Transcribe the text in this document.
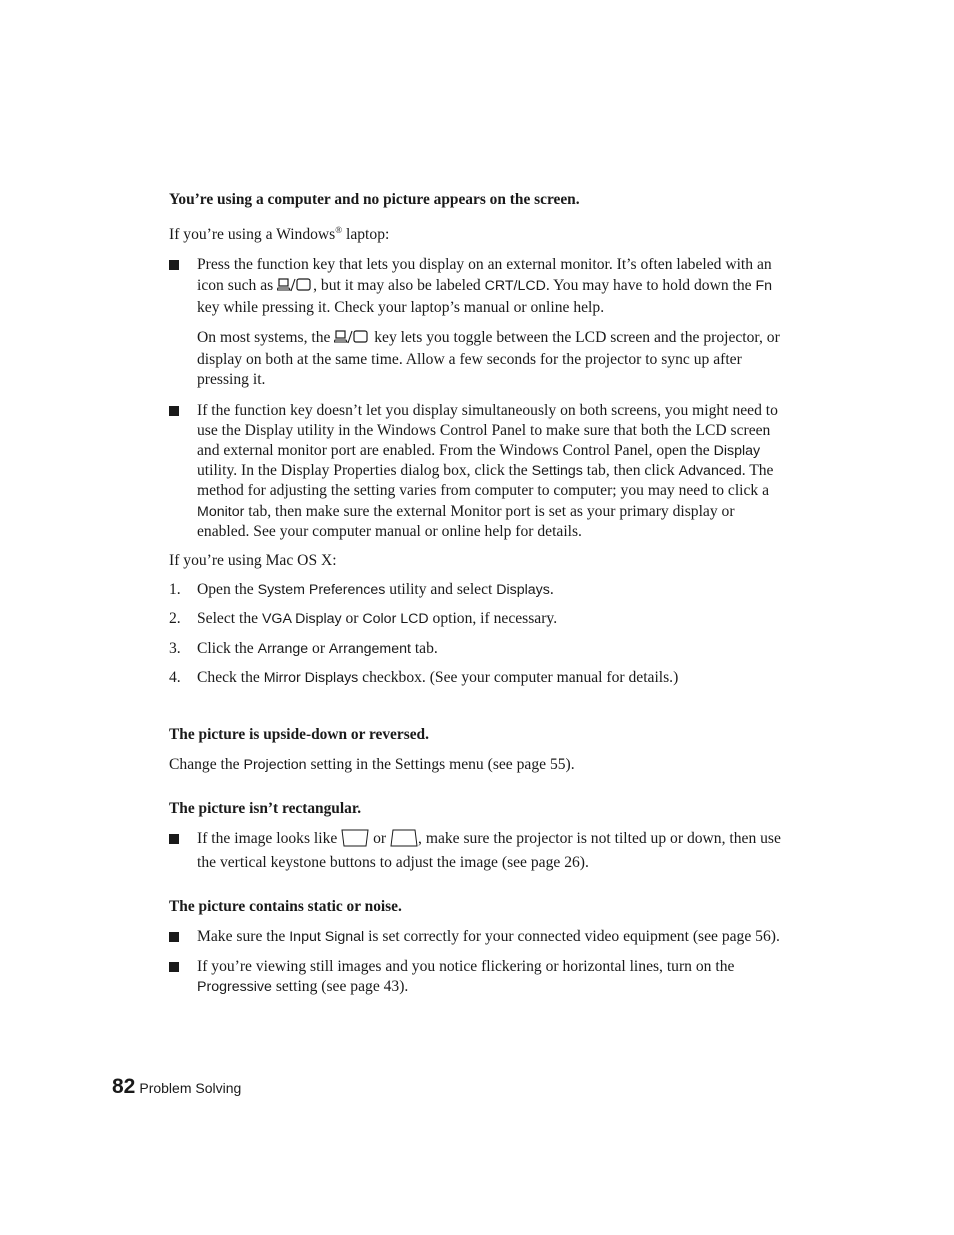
You’re using a computer and no picture appears on the screen.

If you’re using a Windows® laptop:

Press the function key that lets you display on an external monitor. It’s often labeled with an icon such as , but it may also be labeled CRT/LCD. You may have to hold down the Fn key while pressing it. Check your laptop’s manual or online help.

On most systems, the  key lets you toggle between the LCD screen and the projector, or display on both at the same time. Allow a few seconds for the projector to sync up after pressing it.

If the function key doesn’t let you display simultaneously on both screens, you might need to use the Display utility in the Windows Control Panel to make sure that both the LCD screen and external monitor port are enabled. From the Windows Control Panel, open the Display utility. In the Display Properties dialog box, click the Settings tab, then click Advanced. The method for adjusting the setting varies from computer to computer; you may need to click a Monitor tab, then make sure the external Monitor port is set as your primary display or enabled. See your computer manual or online help for details.

If you’re using Mac OS X:

1. Open the System Preferences utility and select Displays.
2. Select the VGA Display or Color LCD option, if necessary.
3. Click the Arrange or Arrangement tab.
4. Check the Mirror Displays checkbox. (See your computer manual for details.)
The picture is upside-down or reversed.

Change the Projection setting in the Settings menu (see page 55).

The picture isn’t rectangular.
If the image looks like  or , make sure the projector is not tilted up or down, then use the vertical keystone buttons to adjust the image (see page 26).
The picture contains static or noise.
Make sure the Input Signal is set correctly for your connected video equipment (see page 56).
If you’re viewing still images and you notice flickering or horizontal lines, turn on the Progressive setting (see page 43).
82 Problem Solving
